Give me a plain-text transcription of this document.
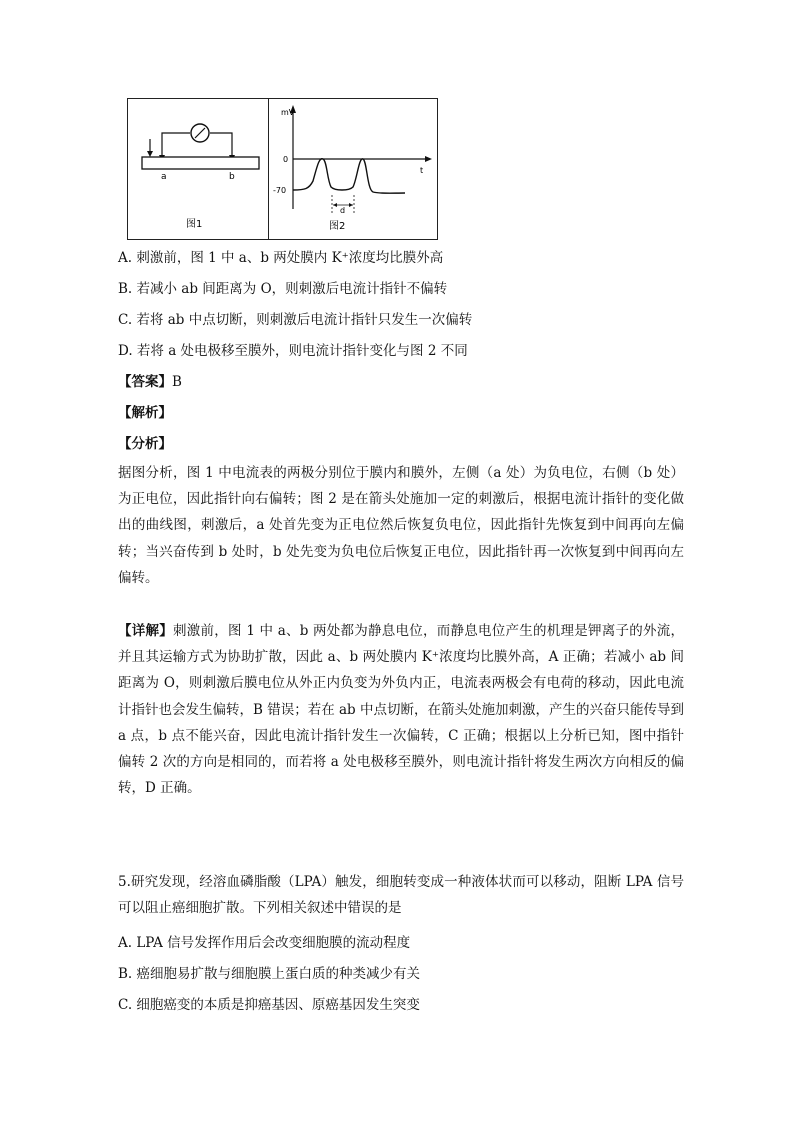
a	b
图1
mV
0
-70
t
d
图2
A. 刺激前，图 1 中 a、b 两处膜内 K⁺浓度均比膜外高
B. 若减小 ab 间距离为 O，则刺激后电流计指针不偏转
C. 若将 ab 中点切断，则刺激后电流计指针只发生一次偏转
D. 若将 a 处电极移至膜外，则电流计指针变化与图 2 不同
【答案】B
【解析】
【分析】
据图分析，图 1 中电流表的两极分别位于膜内和膜外，左侧（a 处）为负电位，右侧（b 处）为正电位，因此指针向右偏转；图 2 是在箭头处施加一定的刺激后，根据电流计指针的变化做出的曲线图，刺激后，a 处首先变为正电位然后恢复负电位，因此指针先恢复到中间再向左偏转；当兴奋传到 b 处时，b 处先变为负电位后恢复正电位，因此指针再一次恢复到中间再向左偏转。
【详解】刺激前，图 1 中 a、b 两处都为静息电位，而静息电位产生的机理是钾离子的外流，并且其运输方式为协助扩散，因此 a、b 两处膜内 K⁺浓度均比膜外高，A 正确；若减小 ab 间距离为 O，则刺激后膜电位从外正内负变为外负内正，电流表两极会有电荷的移动，因此电流计指针也会发生偏转，B 错误；若在 ab 中点切断，在箭头处施加刺激，产生的兴奋只能传导到 a 点，b 点不能兴奋，因此电流计指针发生一次偏转，C 正确；根据以上分析已知，图中指针偏转 2 次的方向是相同的，而若将 a 处电极移至膜外，则电流计指针将发生两次方向相反的偏转，D 正确。
5.研究发现，经溶血磷脂酸（LPA）触发，细胞转变成一种液体状而可以移动，阻断 LPA 信号可以阻止癌细胞扩散。下列相关叙述中错误的是
A. LPA 信号发挥作用后会改变细胞膜的流动程度
B. 癌细胞易扩散与细胞膜上蛋白质的种类减少有关
C. 细胞癌变的本质是抑癌基因、原癌基因发生突变
